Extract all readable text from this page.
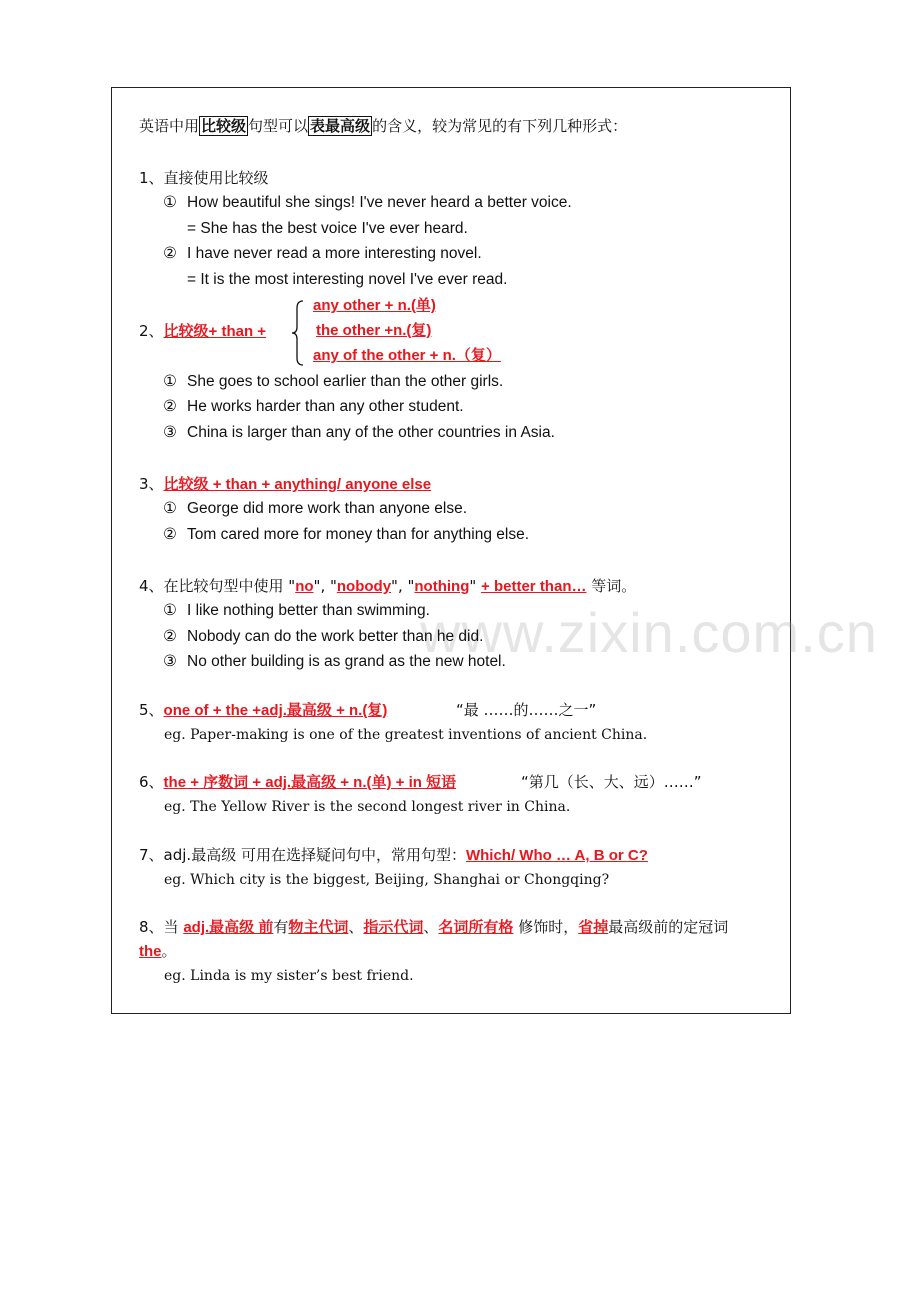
www.zixin.com.cn
英语中用 比较级 句型可以 表最高级 的含义，较为常见的有下列几种形式：
1、直接使用比较级
① How beautiful she sings! I've never heard a better voice.
= She has the best voice I've ever heard.
② I have never read a more interesting novel.
= It is the most interesting novel I've ever read.
any other + n.(单)
2、比较级+ than +	the other +n.(复)
any of the other + n.（复）
① She goes to school earlier than the other girls.
② He works harder than any other student.
③ China is larger than any of the other countries in Asia.
3、比较级 + than + anything/ anyone else
① George did more work than anyone else.
② Tom cared more for money than for anything else.
4、在比较句型中使用 "no", "nobody", "nothing" + better than… 等词。
① I like nothing better than swimming.
② Nobody can do the work better than he did.
③ No other building is as grand as the new hotel.
5、one of + the +adj.最高级 + n.(复)	“最 ……的……之一”
eg. Paper-making is one of the greatest inventions of ancient China.
6、the + 序数词 + adj.最高级 + n.(单) + in 短语	“第几（长、大、远）……”
eg. The Yellow River is the second longest river in China.
7、adj.最高级 可用在选择疑问句中，常用句型：Which/ Who … A, B or C?
eg. Which city is the biggest, Beijing, Shanghai or Chongqing?
8、当 adj.最高级 前有物主代词、指示代词、名词所有格 修饰时，省掉最高级前的定冠词
the。
eg. Linda is my sister’s best friend.
